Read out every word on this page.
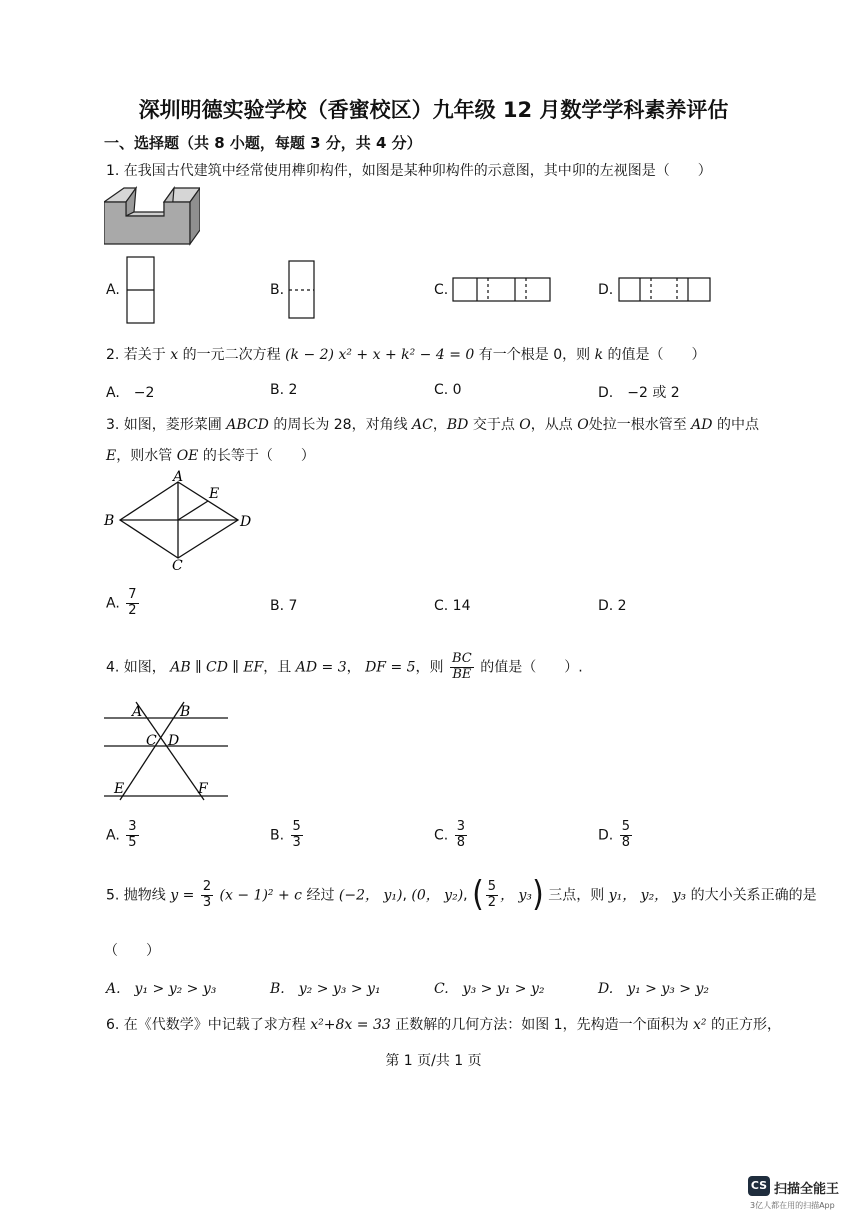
深圳明德实验学校（香蜜校区）九年级 12 月数学学科素养评估
一、选择题（共 8 小题，每题 3 分，共 4 分）
1. 在我国古代建筑中经常使用榫卯构件，如图是某种卯构件的示意图，其中卯的左视图是（　　）
A.	B.	C.	D.
2. 若关于 x 的一元二次方程 (k − 2) x² + x + k² − 4 = 0 有一个根是 0，则 k 的值是（　　）
A.　−2	B. 2	C. 0	D.　−2 或 2
3. 如图，菱形菜圃 ABCD 的周长为 28，对角线 AC，BD 交于点 O，从点 O处拉一根水管至 AD 的中点
E，则水管 OE 的长等于（　　）
A
B
C
D
E
A. $\frac{7}{2}$	B. 7	C. 14	D. 2
4. 如图， AB ∥ CD ∥ EF，且 AD = 3， DF = 5，则 $\frac{BC}{BE}$ 的值是（　　）.
A	B
C D
E	F
A. $\frac{3}{5}$	B. $\frac{5}{3}$	C. $\frac{3}{8}$	D. $\frac{5}{8}$
5. 抛物线 $y = \frac{2}{3} (x - 1)^2 + c$ 经过 (−2， y₁), (0， y₂), ( $\frac{5}{2}$ ， y₃) 三点，则 y₁， y₂， y₃ 的大小关系正确的是
（　　）
A.　y₁ > y₂ > y₃	B.　y₂ > y₃ > y₁	C.　y₃ > y₁ > y₂	D.　y₁ > y₃ > y₂
6. 在《代数学》中记载了求方程 x²+8x = 33 正数解的几何方法：如图 1，先构造一个面积为 x² 的正方形，
第 1 页/共 1 页
CS 扫描全能王
3亿人都在用的扫描App
